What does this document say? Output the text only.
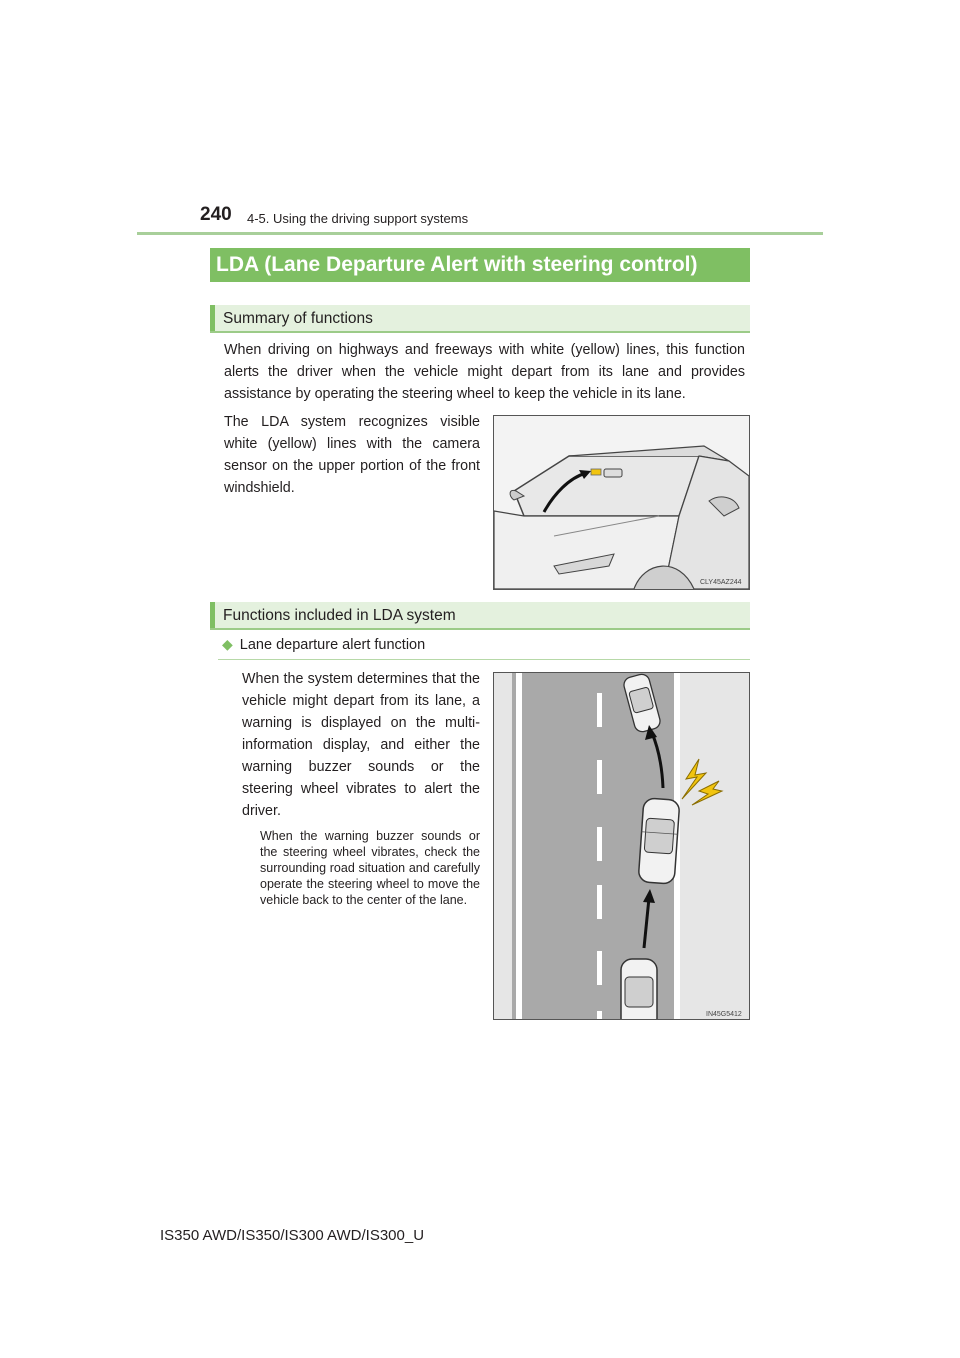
240 4-5. Using the driving support systems
LDA (Lane Departure Alert with steering control)
Summary of functions
When driving on highways and freeways with white (yellow) lines, this function alerts the driver when the vehicle might depart from its lane and provides assistance by operating the steering wheel to keep the vehicle in its lane.
The LDA system recognizes visible white (yellow) lines with the camera sensor on the upper portion of the front windshield.
CLY45AZ244
Functions included in LDA system
◆ Lane departure alert function
When the system determines that the vehicle might depart from its lane, a warning is displayed on the multi-information display, and either the warning buzzer sounds or the steering wheel vibrates to alert the driver.
When the warning buzzer sounds or the steering wheel vibrates, check the surrounding road situation and carefully operate the steering wheel to move the vehicle back to the center of the lane.
IN45G5412
IS350 AWD/IS350/IS300 AWD/IS300_U
